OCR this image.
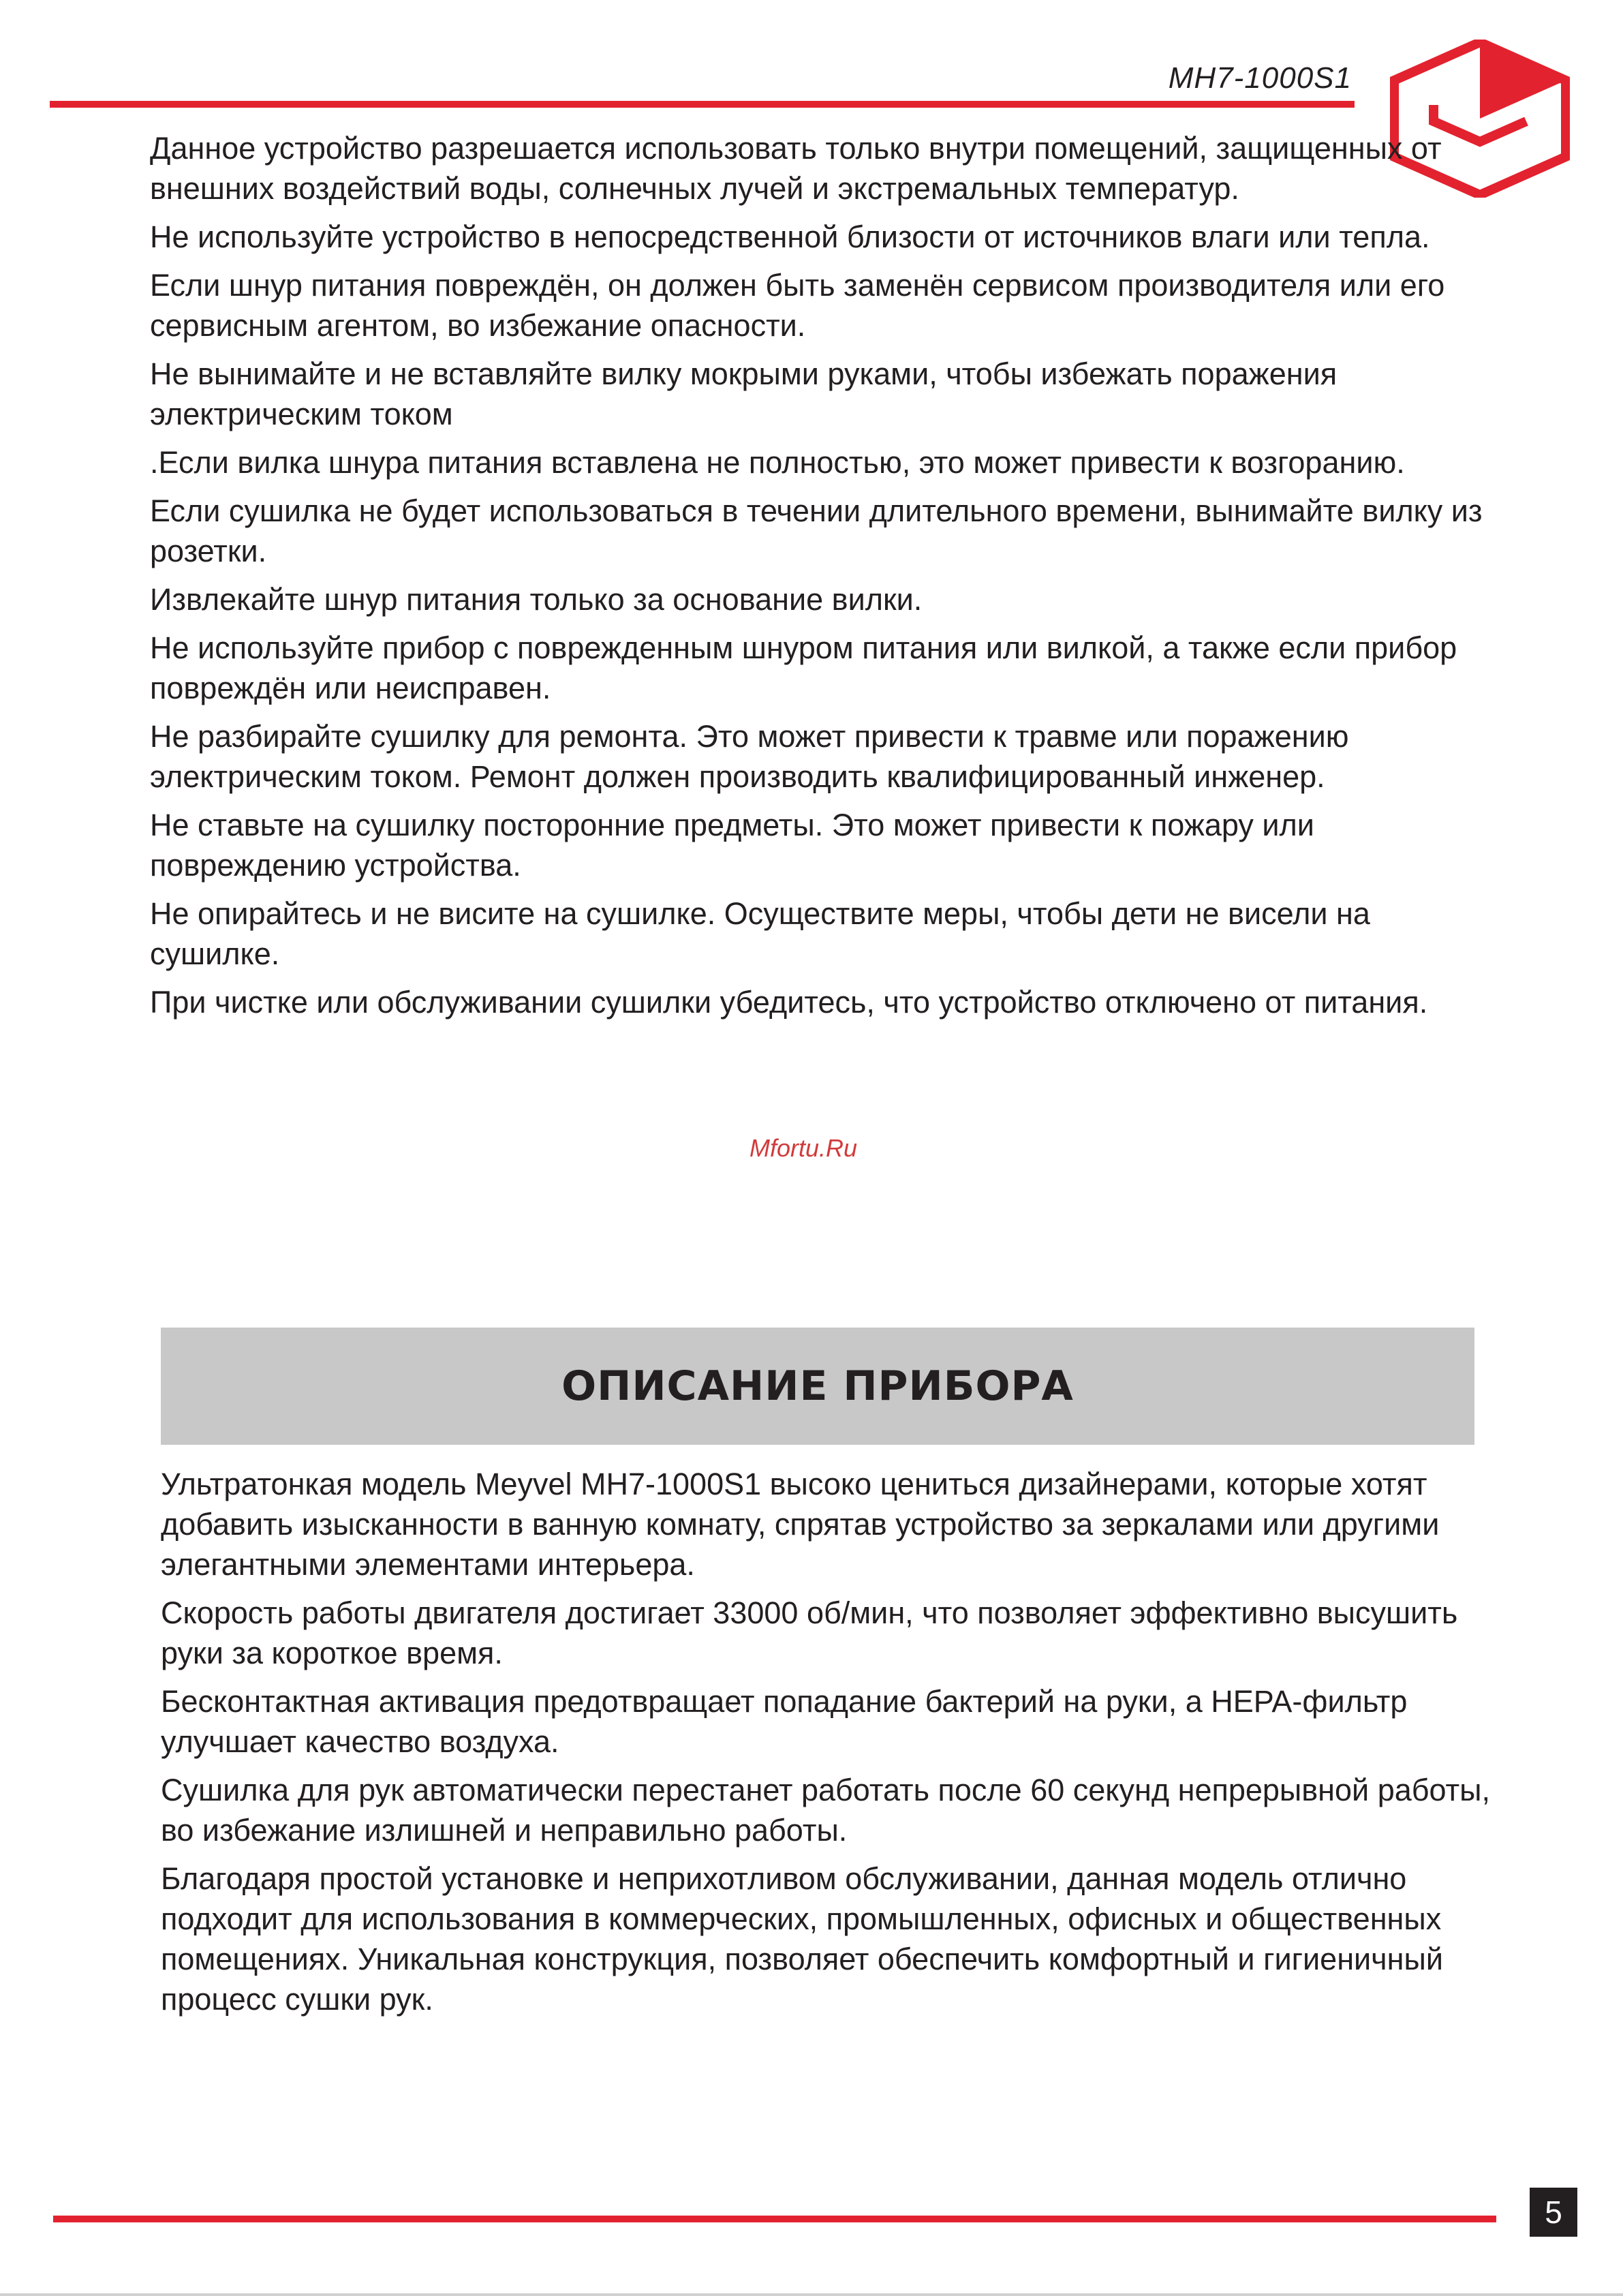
MH7-1000S1

Данное устройство разрешается использовать только внутри помещений, защищенных от внешних воздействий воды, солнечных лучей и экстремальных температур.

Не используйте устройство в непосредственной близости от источников влаги или тепла.

Если шнур питания повреждён, он должен быть заменён сервисом производителя или его сервисным агентом, во избежание опасности.

Не вынимайте и не вставляйте вилку мокрыми руками, чтобы избежать поражения электрическим током

.Если вилка шнура питания вставлена не полностью, это может привести к возгоранию.

Если сушилка не будет использоваться в течении длительного времени, вынимайте вилку из розетки.

Извлекайте шнур питания только за основание вилки.

Не используйте прибор с поврежденным шнуром питания или вилкой, а также если прибор повреждён или неисправен.

Не разбирайте сушилку для ремонта. Это может привести к травме или поражению электрическим током. Ремонт должен производить квалифицированный инженер.

Не ставьте на сушилку посторонние предметы. Это может привести к пожару или повреждению устройства.

Не опирайтесь и не висите на сушилке. Осуществите меры, чтобы дети не висели на сушилке.

При чистке или обслуживании сушилки убедитесь, что устройство отключено от питания.

Mfortu.Ru
ОПИСАНИЕ ПРИБОРА

Ультратонкая модель Meyvel MH7-1000S1 высоко цениться дизайнерами, которые хотят добавить изысканности в ванную комнату, спрятав устройство за зеркалами или другими элегантными элементами интерьера.

Скорость работы двигателя достигает 33000 об/мин, что позволяет эффективно высушить руки за короткое время.

Бесконтактная активация предотвращает попадание бактерий на руки, а HEPA-фильтр улучшает качество воздуха.

Сушилка для рук автоматически перестанет работать после 60 секунд непрерывной работы, во избежание излишней и неправильно работы.

Благодаря простой установке и неприхотливом обслуживании, данная модель отлично подходит для использования в коммерческих, промышленных, офисных и общественных помещениях. Уникальная конструкция, позволяет обеспечить комфортный и гигиеничный процесс сушки рук.

5
